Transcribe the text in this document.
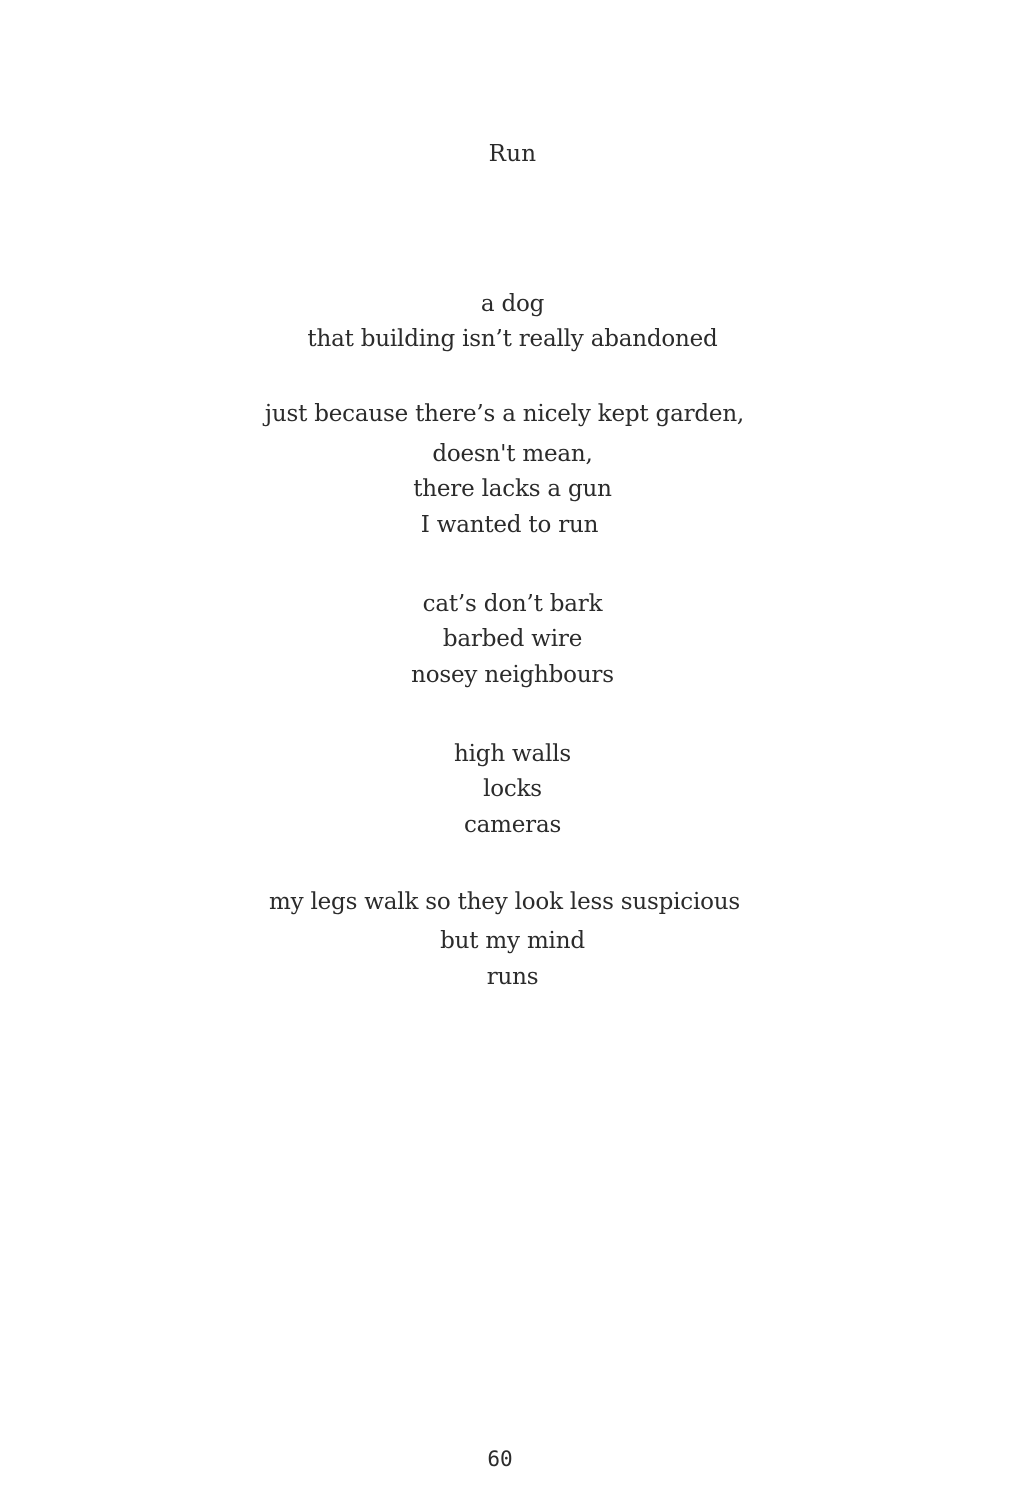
Run
a dog
that building isn’t really abandoned
just because there’s a nicely kept garden,
doesn't mean,
there lacks a gun
I wanted to run
cat’s don’t bark
barbed wire
nosey neighbours
high walls
locks
cameras
my legs walk so they look less suspicious
but my mind
runs
60
